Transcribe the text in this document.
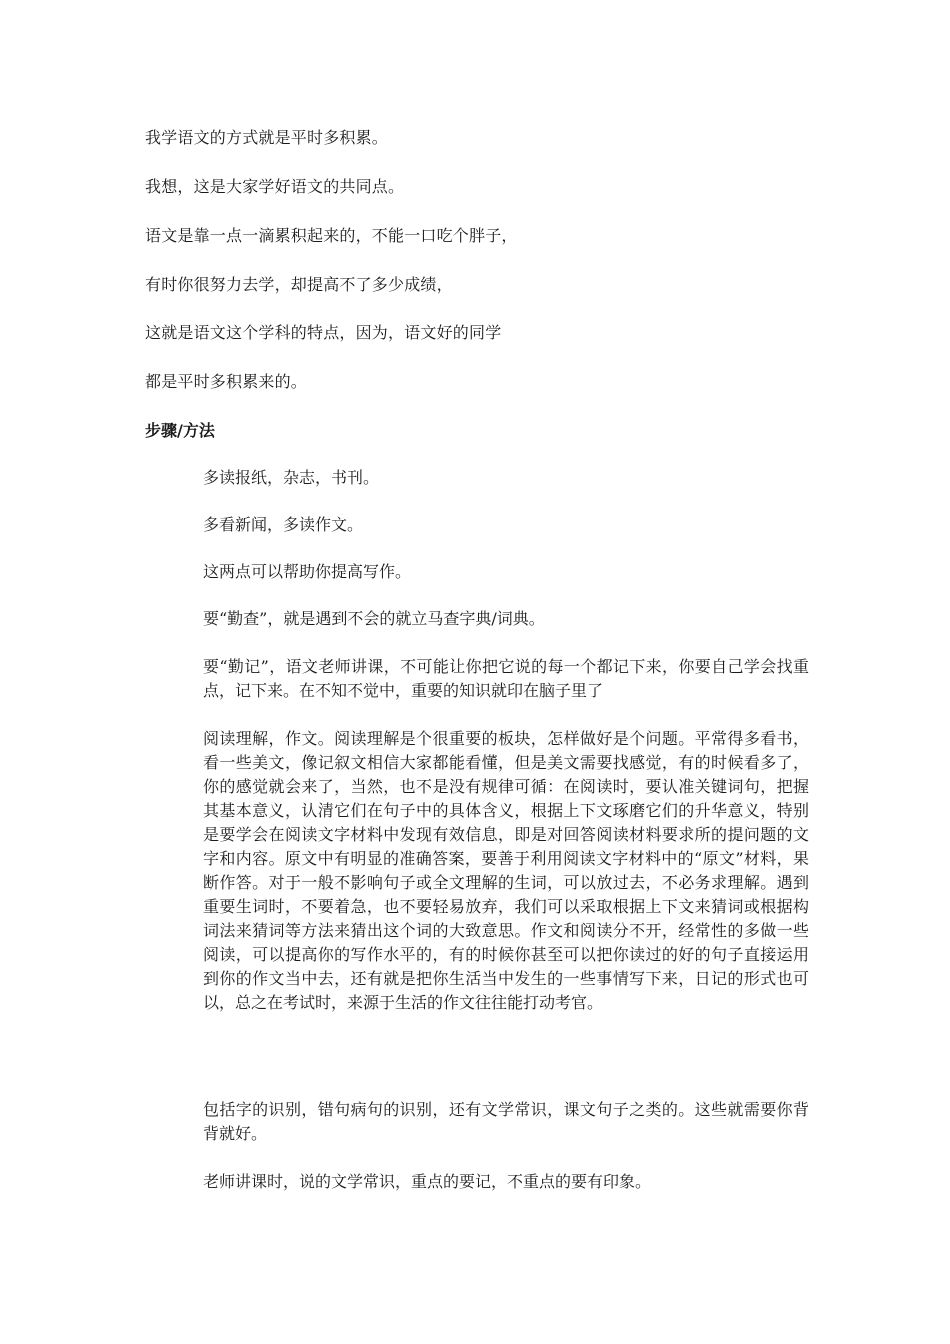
我学语文的方式就是平时多积累。
我想，这是大家学好语文的共同点。
语文是靠一点一滴累积起来的，不能一口吃个胖子，
有时你很努力去学，却提高不了多少成绩，
这就是语文这个学科的特点，因为，语文好的同学
都是平时多积累来的。
步骤/方法
多读报纸，杂志，书刊。
多看新闻，多读作文。
这两点可以帮助你提高写作。
要“勤查”，就是遇到不会的就立马查字典/词典。
要“勤记”，语文老师讲课，不可能让你把它说的每一个都记下来，你要自己学会找重点，记下来。在不知不觉中，重要的知识就印在脑子里了
阅读理解，作文。阅读理解是个很重要的板块，怎样做好是个问题。平常得多看书，看一些美文，像记叙文相信大家都能看懂，但是美文需要找感觉，有的时候看多了，你的感觉就会来了，当然，也不是没有规律可循：在阅读时，要认准关键词句，把握其基本意义，认清它们在句子中的具体含义，根据上下文琢磨它们的升华意义，特别是要学会在阅读文字材料中发现有效信息，即是对回答阅读材料要求所的提问题的文字和内容。原文中有明显的准确答案，要善于利用阅读文字材料中的“原文”材料，果断作答。对于一般不影响句子或全文理解的生词，可以放过去，不必务求理解。遇到重要生词时，不要着急，也不要轻易放弃，我们可以采取根据上下文来猜词或根据构词法来猜词等方法来猜出这个词的大致意思。作文和阅读分不开，经常性的多做一些阅读，可以提高你的写作水平的，有的时候你甚至可以把你读过的好的句子直接运用到你的作文当中去，还有就是把你生活当中发生的一些事情写下来，日记的形式也可以，总之在考试时，来源于生活的作文往往能打动考官。
包括字的识别，错句病句的识别，还有文学常识，课文句子之类的。这些就需要你背背就好。
老师讲课时，说的文学常识，重点的要记，不重点的要有印象。
